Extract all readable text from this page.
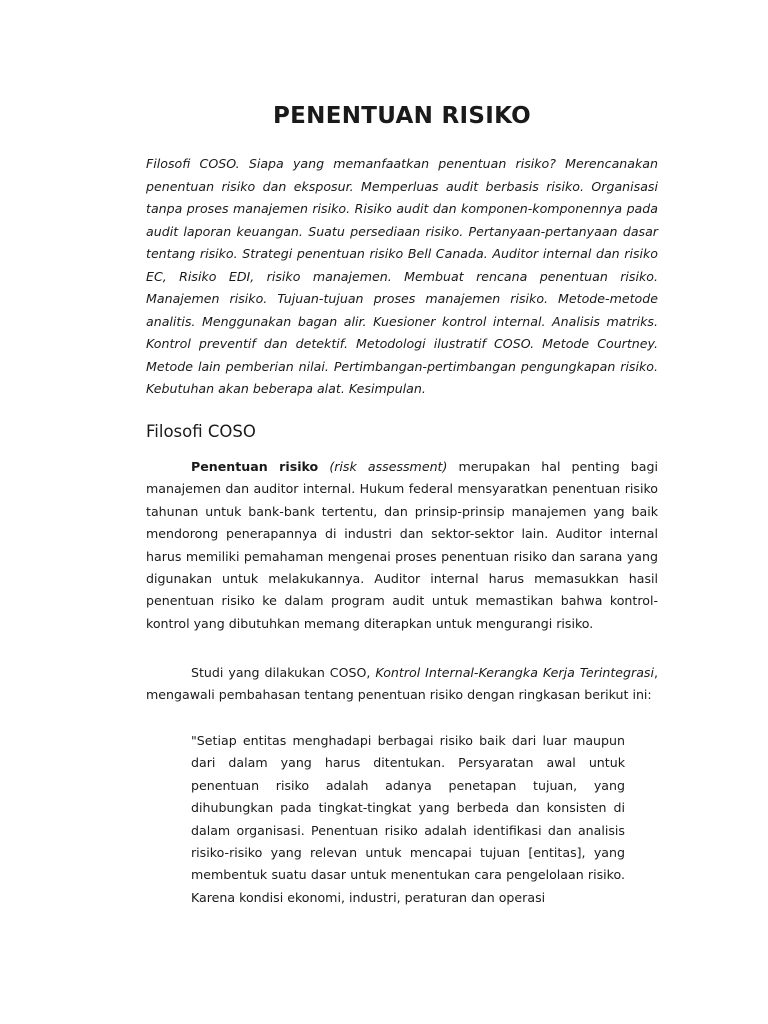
PENENTUAN RISIKO

Filosofi COSO. Siapa yang memanfaatkan penentuan risiko? Merencanakan penentuan risiko dan eksposur. Memperluas audit berbasis risiko. Organisasi tanpa proses manajemen risiko. Risiko audit dan komponen-komponennya pada audit laporan keuangan. Suatu persediaan risiko. Pertanyaan-pertanyaan dasar tentang risiko. Strategi penentuan risiko Bell Canada. Auditor internal dan risiko EC, Risiko EDI, risiko manajemen. Membuat rencana penentuan risiko. Manajemen risiko. Tujuan-tujuan proses manajemen risiko. Metode-metode analitis. Menggunakan bagan alir. Kuesioner kontrol internal. Analisis matriks. Kontrol preventif dan detektif. Metodologi ilustratif COSO. Metode Courtney. Metode lain pemberian nilai. Pertimbangan-pertimbangan pengungkapan risiko. Kebutuhan akan beberapa alat. Kesimpulan.

Filosofi COSO

Penentuan risiko (risk assessment) merupakan hal penting bagi manajemen dan auditor internal. Hukum federal mensyaratkan penentuan risiko tahunan untuk bank-bank tertentu, dan prinsip-prinsip manajemen yang baik mendorong penerapannya di industri dan sektor-sektor lain. Auditor internal harus memiliki pemahaman mengenai proses penentuan risiko dan sarana yang digunakan untuk melakukannya. Auditor internal harus memasukkan hasil penentuan risiko ke dalam program audit untuk memastikan bahwa kontrol-kontrol yang dibutuhkan memang diterapkan untuk mengurangi risiko.

Studi yang dilakukan COSO, Kontrol Internal-Kerangka Kerja Terintegrasi, mengawali pembahasan tentang penentuan risiko dengan ringkasan berikut ini:

"Setiap entitas menghadapi berbagai risiko baik dari luar maupun dari dalam yang harus ditentukan. Persyaratan awal untuk penentuan risiko adalah adanya penetapan tujuan, yang dihubungkan pada tingkat-tingkat yang berbeda dan konsisten di dalam organisasi. Penentuan risiko adalah identifikasi dan analisis risiko-risiko yang relevan untuk mencapai tujuan [entitas], yang membentuk suatu dasar untuk menentukan cara pengelolaan risiko. Karena kondisi ekonomi, industri, peraturan dan operasi
